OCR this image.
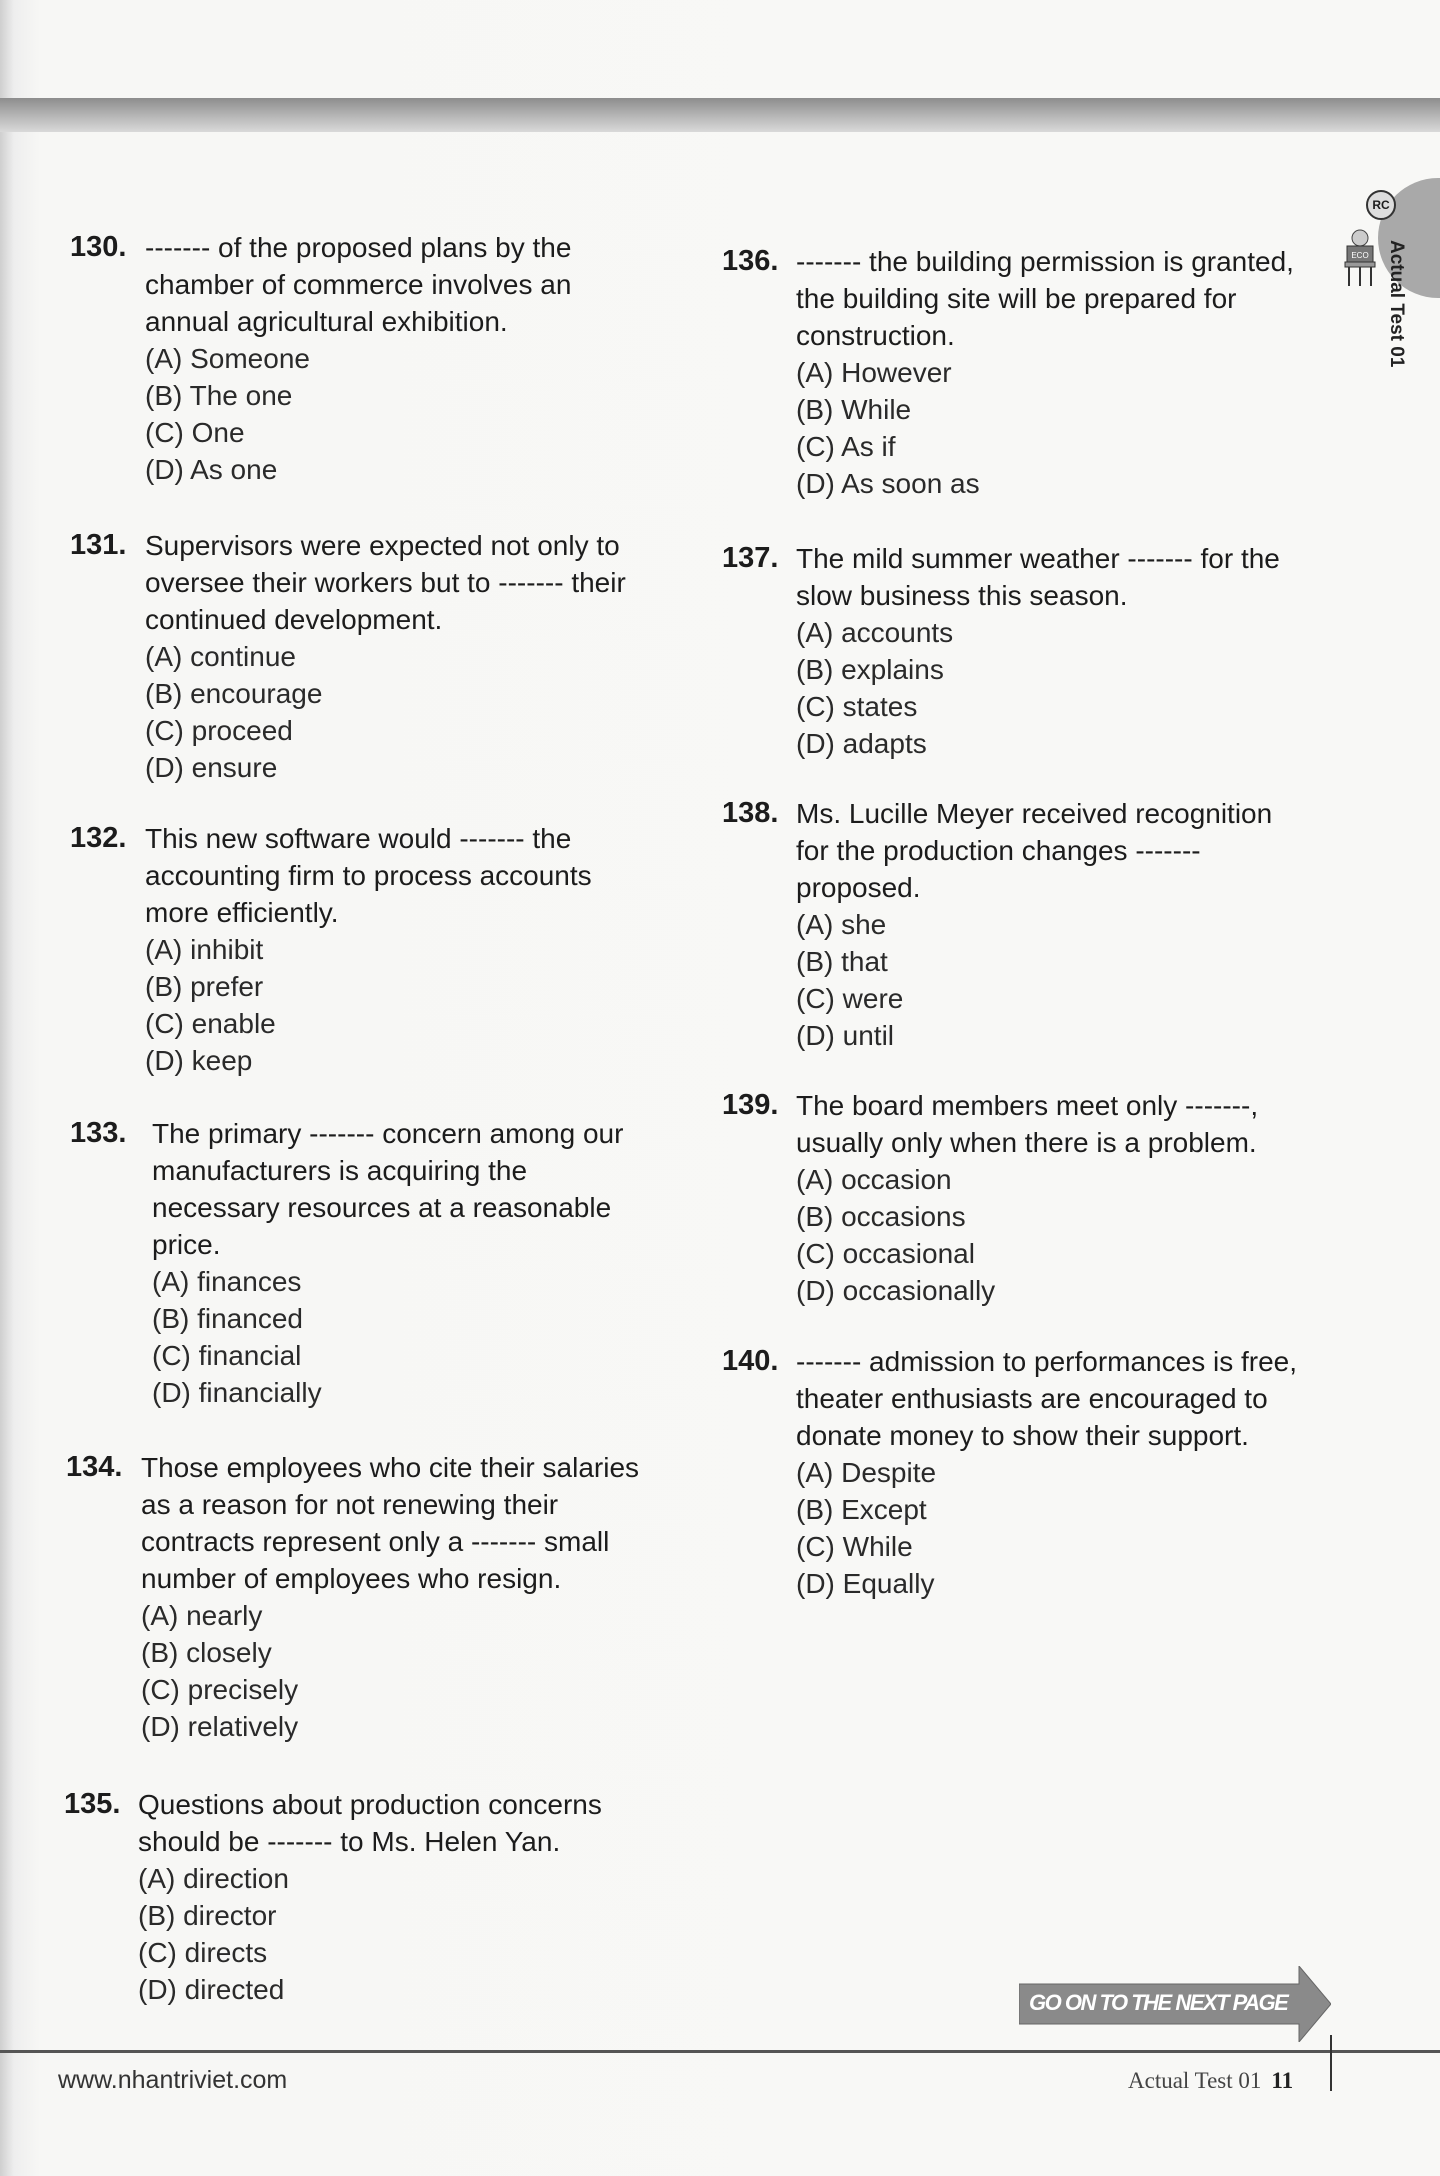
RC
ECO Actual Test 01
130. ------- of the proposed plans by the
chamber of commerce involves an
annual agricultural exhibition.
(A) Someone
(B) The one
(C) One
(D) As one
131. Supervisors were expected not only to
oversee their workers but to ------- their
continued development.
(A) continue
(B) encourage
(C) proceed
(D) ensure
132. This new software would ------- the
accounting firm to process accounts
more efficiently.
(A) inhibit
(B) prefer
(C) enable
(D) keep
133. The primary ------- concern among our
manufacturers is acquiring the
necessary resources at a reasonable
price.
(A) finances
(B) financed
(C) financial
(D) financially
134. Those employees who cite their salaries
as a reason for not renewing their
contracts represent only a ------- small
number of employees who resign.
(A) nearly
(B) closely
(C) precisely
(D) relatively
135. Questions about production concerns
should be ------- to Ms. Helen Yan.
(A) direction
(B) director
(C) directs
(D) directed
136. ------- the building permission is granted,
the building site will be prepared for
construction.
(A) However
(B) While
(C) As if
(D) As soon as
137. The mild summer weather ------- for the
slow business this season.
(A) accounts
(B) explains
(C) states
(D) adapts
138. Ms. Lucille Meyer received recognition
for the production changes -------
proposed.
(A) she
(B) that
(C) were
(D) until
139. The board members meet only -------,
usually only when there is a problem.
(A) occasion
(B) occasions
(C) occasional
(D) occasionally
140. ------- admission to performances is free,
theater enthusiasts are encouraged to
donate money to show their support.
(A) Despite
(B) Except
(C) While
(D) Equally
GO ON TO THE NEXT PAGE
www.nhantriviet.com	Actual Test 01 11
